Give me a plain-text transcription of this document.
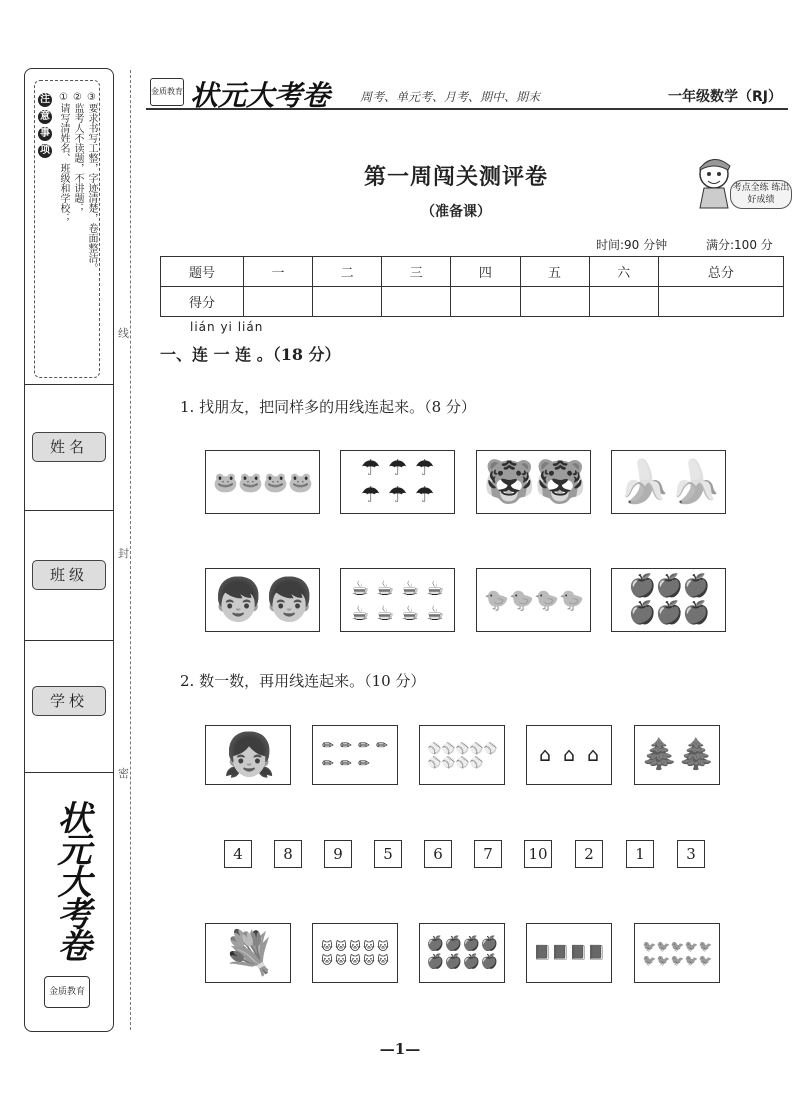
注 意 事 项 ①请写清姓名、班级和学校； ②监考人不读题，不讲题； ③要求书写工整，字迹清楚，卷面整洁。
姓名
班级
学校
状元大考卷
金质教育
线
封
密
金质教育 状元大考卷 周考、单元考、月考、期中、期末	一年级数学（RJ）
第一周闯关测评卷
（准备课）
考点全练 练出好成绩
时间:90 分钟	满分:100 分
题号	一	二	三	四	五	六	总分
得分							
lián yi lián
一、连 一 连 。（18 分）
1. 找朋友，把同样多的用线连起来。（8 分）
🐸 🐸 🐸 🐸
☂ ☂ ☂
☂ ☂ ☂ 🐯
🐯 🍌
🍌
👦
👦 ☕ ☕ ☕ ☕
☕ ☕ ☕ ☕
🐤 🐤 🐤 🐤
🍎 🍎 🍎
🍎 🍎 🍎
2. 数一数，再用线连起来。（10 分）
👧	✏ ✏ ✏ ✏
✏ ✏ ✏
⚾ ⚾ ⚾ ⚾ ⚾
⚾ ⚾ ⚾ ⚾	⌂ ⌂ ⌂ 🌲 🌲
4	8	9	5	6	7	10	2	1	3
💐	🐱 🐱 🐱 🐱 🐱
🐱 🐱 🐱 🐱 🐱
🍎 🍎 🍎 🍎
🍎 🍎 🍎 🍎
📕 📕 📕 📕	🐦 🐦 🐦 🐦 🐦
🐦 🐦 🐦 🐦 🐦
—1—
